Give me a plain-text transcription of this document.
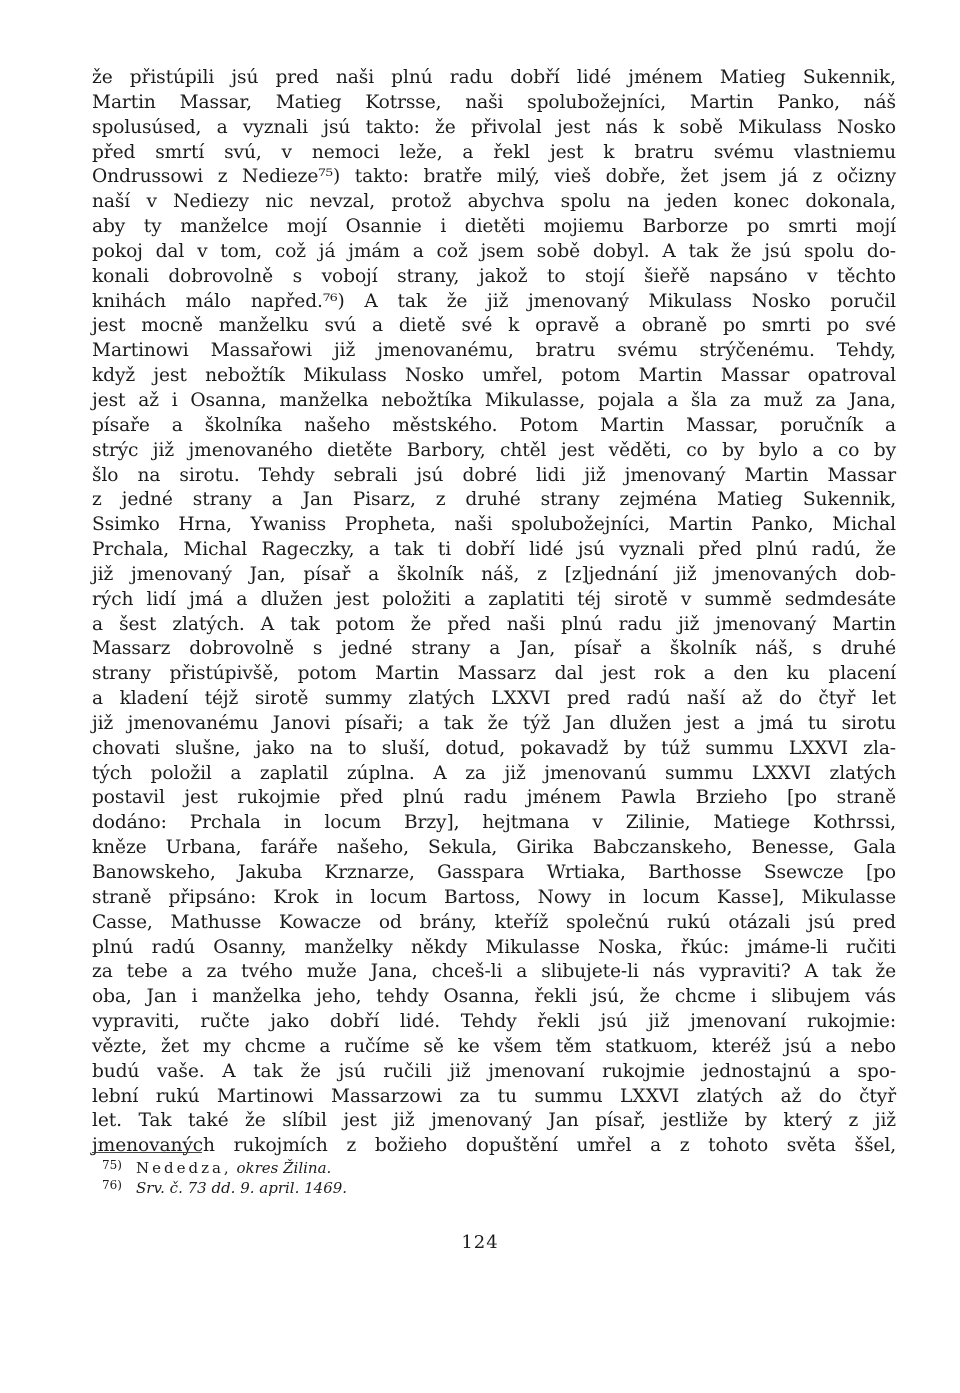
že přistúpili jsú pred naši plnú radu dobří lidé jménem Matieg Sukennik,
Martin Massar, Matieg Kotrsse, naši spolubožejníci, Martin Panko, náš
spolusúsed, a vyznali jsú takto: že přivolal jest nás k sobě Mikulass Nosko
před smrtí svú, v nemoci leže, a řekl jest k bratru svému vlastniemu
Ondrussowi z Nedieze⁷⁵) takto: bratře milý, vieš dobře, žet jsem já z očizny
naší v Nediezy nic nevzal, protož abychva spolu na jeden konec dokonala,
aby ty manželce mojí Osannie i dietěti mojiemu Barborze po smrti mojí
pokoj dal v tom, což já jmám a což jsem sobě dobyl. A tak že jsú spolu do-
konali dobrovolně s vobojí strany, jakož to stojí šieřě napsáno v těchto
knihách málo napřed.⁷⁶) A tak že již jmenovaný Mikulass Nosko poručil
jest mocně manželku svú a dietě své k opravě a obraně po smrti po své
Martinowi Massařowi již jmenovanému, bratru svému strýčenému. Tehdy,
když jest nebožtík Mikulass Nosko umřel, potom Martin Massar opatroval
jest až i Osanna, manželka nebožtíka Mikulasse, pojala a šla za muž za Jana,
písaře a školníka našeho městského. Potom Martin Massar, poručník a
strýc již jmenovaného dietěte Barbory, chtěl jest věděti, co by bylo a co by
šlo na sirotu. Tehdy sebrali jsú dobré lidi již jmenovaný Martin Massar
z jedné strany a Jan Pisarz, z druhé strany zejména Matieg Sukennik,
Ssimko Hrna, Ywaniss Propheta, naši spolubožejníci, Martin Panko, Michal
Prchala, Michal Rageczky, a tak ti dobří lidé jsú vyznali před plnú radú, že
již jmenovaný Jan, písař a školník náš, z [z]jednání již jmenovaných dob-
rých lidí jmá a dlužen jest položiti a zaplatiti téj sirotě v summě sedmdesáte
a šest zlatých. A tak potom že před naši plnú radu již jmenovaný Martin
Massarz dobrovolně s jedné strany a Jan, písař a školník náš, s druhé
strany přistúpivšě, potom Martin Massarz dal jest rok a den ku placení
a kladení téjž sirotě summy zlatých LXXVI pred radú naší až do čtyř let
již jmenovanému Janovi písaři; a tak že týž Jan dlužen jest a jmá tu sirotu
chovati slušne, jako na to sluší, dotud, pokavadž by túž summu LXXVI zla-
tých položil a zaplatil zúplna. A za již jmenovanú summu LXXVI zlatých
postavil jest rukojmie před plnú radu jménem Pawla Brzieho [po straně
dodáno: Prchala in locum Brzy], hejtmana v Zilinie, Matiege Kothrssi,
kněze Urbana, faráře našeho, Sekula, Girika Babczanskeho, Benesse, Gala
Banowskeho, Jakuba Krznarze, Gasspara Wrtiaka, Barthosse Ssewcze [po
straně připsáno: Krok in locum Bartoss, Nowy in locum Kasse], Mikulasse
Casse, Mathusse Kowacze od brány, kteříž společnú rukú otázali jsú pred
plnú radú Osanny, manželky někdy Mikulasse Noska, řkúc: jmáme-li ručiti
za tebe a za tvého muže Jana, chceš-li a slibujete-li nás vypraviti? A tak že
oba, Jan i manželka jeho, tehdy Osanna, řekli jsú, že chcme i slibujem vás
vypraviti, ručte jako dobří lidé. Tehdy řekli jsú již jmenovaní rukojmie:
vězte, žet my chcme a ručíme sě ke všem těm statkuom, kteréž jsú a nebo
budú vaše. A tak že jsú ručili již jmenovaní rukojmie jednostajnú a spo-
lební rukú Martinowi Massarzowi za tu summu LXXVI zlatých až do čtyř
let. Tak také že slíbil jest již jmenovaný Jan písař, jestliže by který z již
jmenovaných rukojmích z božieho dopuštění umřel a z tohoto světa ššel,
75) Nededza, okres Žilina.
76) Srv. č. 73 dd. 9. april. 1469.
124
